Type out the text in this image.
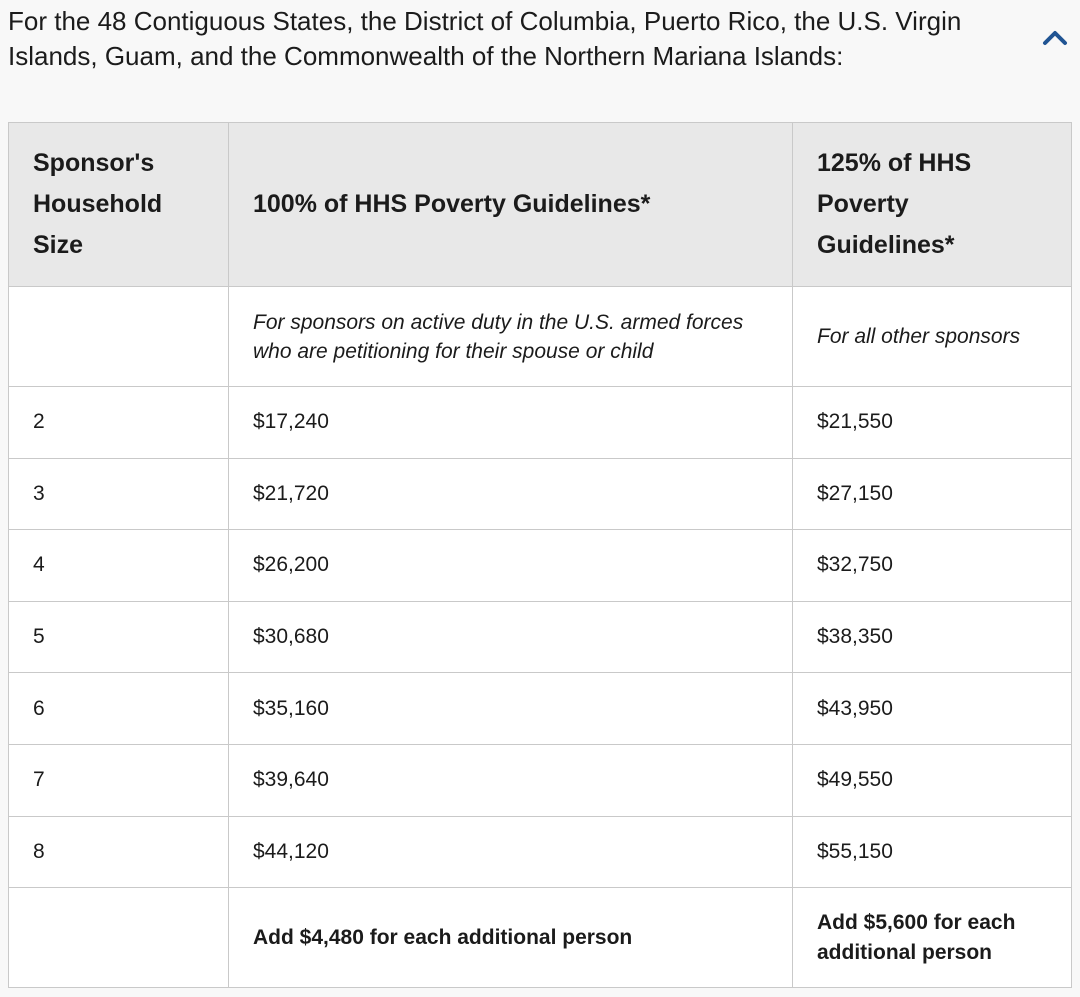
For the 48 Contiguous States, the District of Columbia, Puerto Rico, the U.S. Virgin Islands, Guam, and the Commonwealth of the Northern Mariana Islands:
Sponsor's Household Size	100% of HHS Poverty Guidelines*	125% of HHS Poverty Guidelines*
	For sponsors on active duty in the U.S. armed forces who are petitioning for their spouse or child	For all other sponsors
2	$17,240	$21,550
3	$21,720	$27,150
4	$26,200	$32,750
5	$30,680	$38,350
6	$35,160	$43,950
7	$39,640	$49,550
8	$44,120	$55,150
	Add $4,480 for each additional person	Add $5,600 for each additional person
